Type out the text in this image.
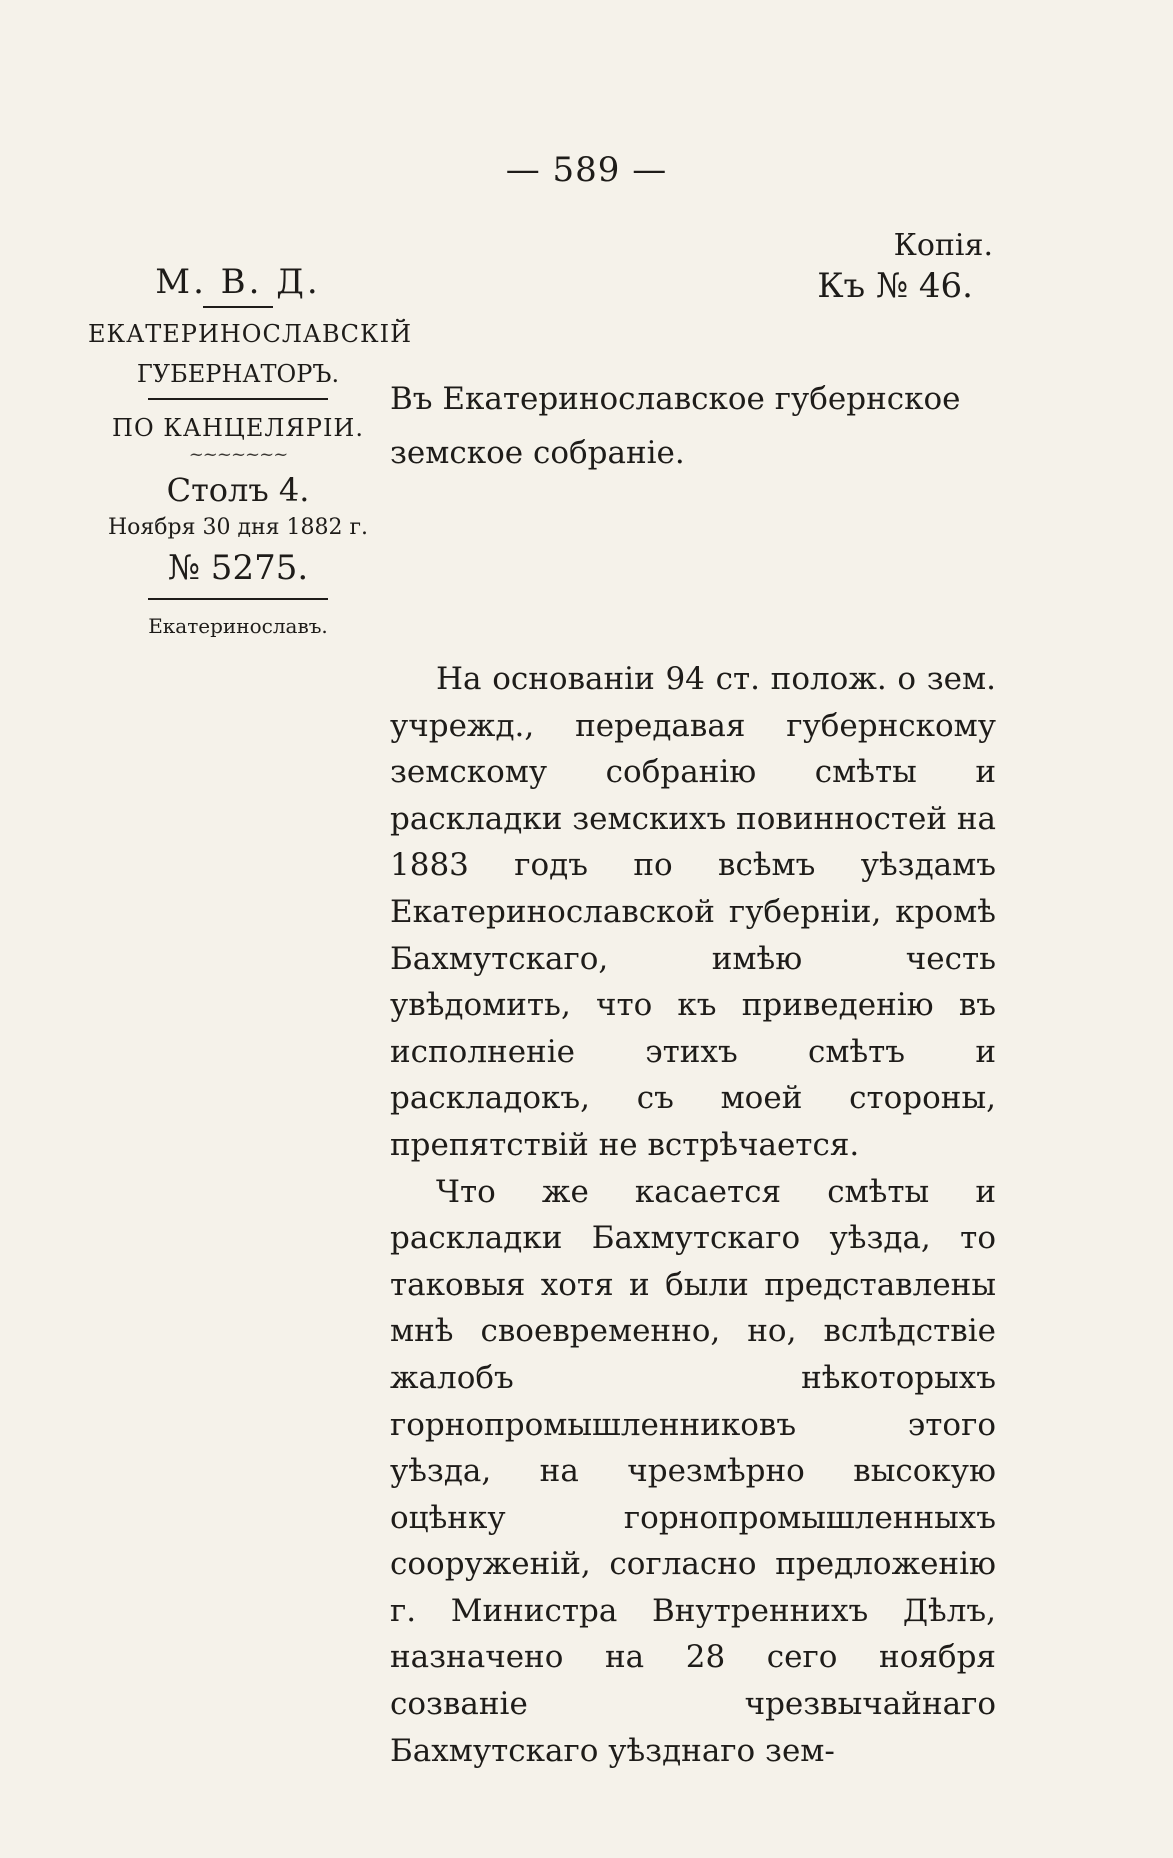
— 589 —
Копія.
Къ № 46.
М. В. Д.
ЕКАТЕРИНОСЛАВСКІЙ
ГУБЕРНАТОРЪ.
ПО КАНЦЕЛЯРІИ.
~~~~~~~
Столъ 4.
Ноября 30 дня 1882 г.
№ 5275.
Екатеринославъ.
Въ Екатеринославское губернское
земское собраніе.

На основаніи 94 ст. полож. о зем. учрежд., передавая губернскому земскому собранію смѣты и раскладки земскихъ повинностей на 1883 годъ по всѣмъ уѣздамъ Екатеринославской губерніи, кромѣ Бахмутскаго, имѣю честь увѣдомить, что къ приведенію въ исполненіе этихъ смѣтъ и раскладокъ, съ моей стороны, препятствій не встрѣчается.

Что же касается смѣты и раскладки Бахмутскаго уѣзда, то таковыя хотя и были представлены мнѣ своевременно, но, вслѣдствіе жалобъ нѣкоторыхъ горнопромышленниковъ этого уѣзда, на чрезмѣрно высокую оцѣнку горнопромышленныхъ сооруженій, согласно предложенію г. Министра Внутреннихъ Дѣлъ, назначено на 28 сего ноября созваніе чрезвычайнаго Бахмутскаго уѣзднаго зем-
